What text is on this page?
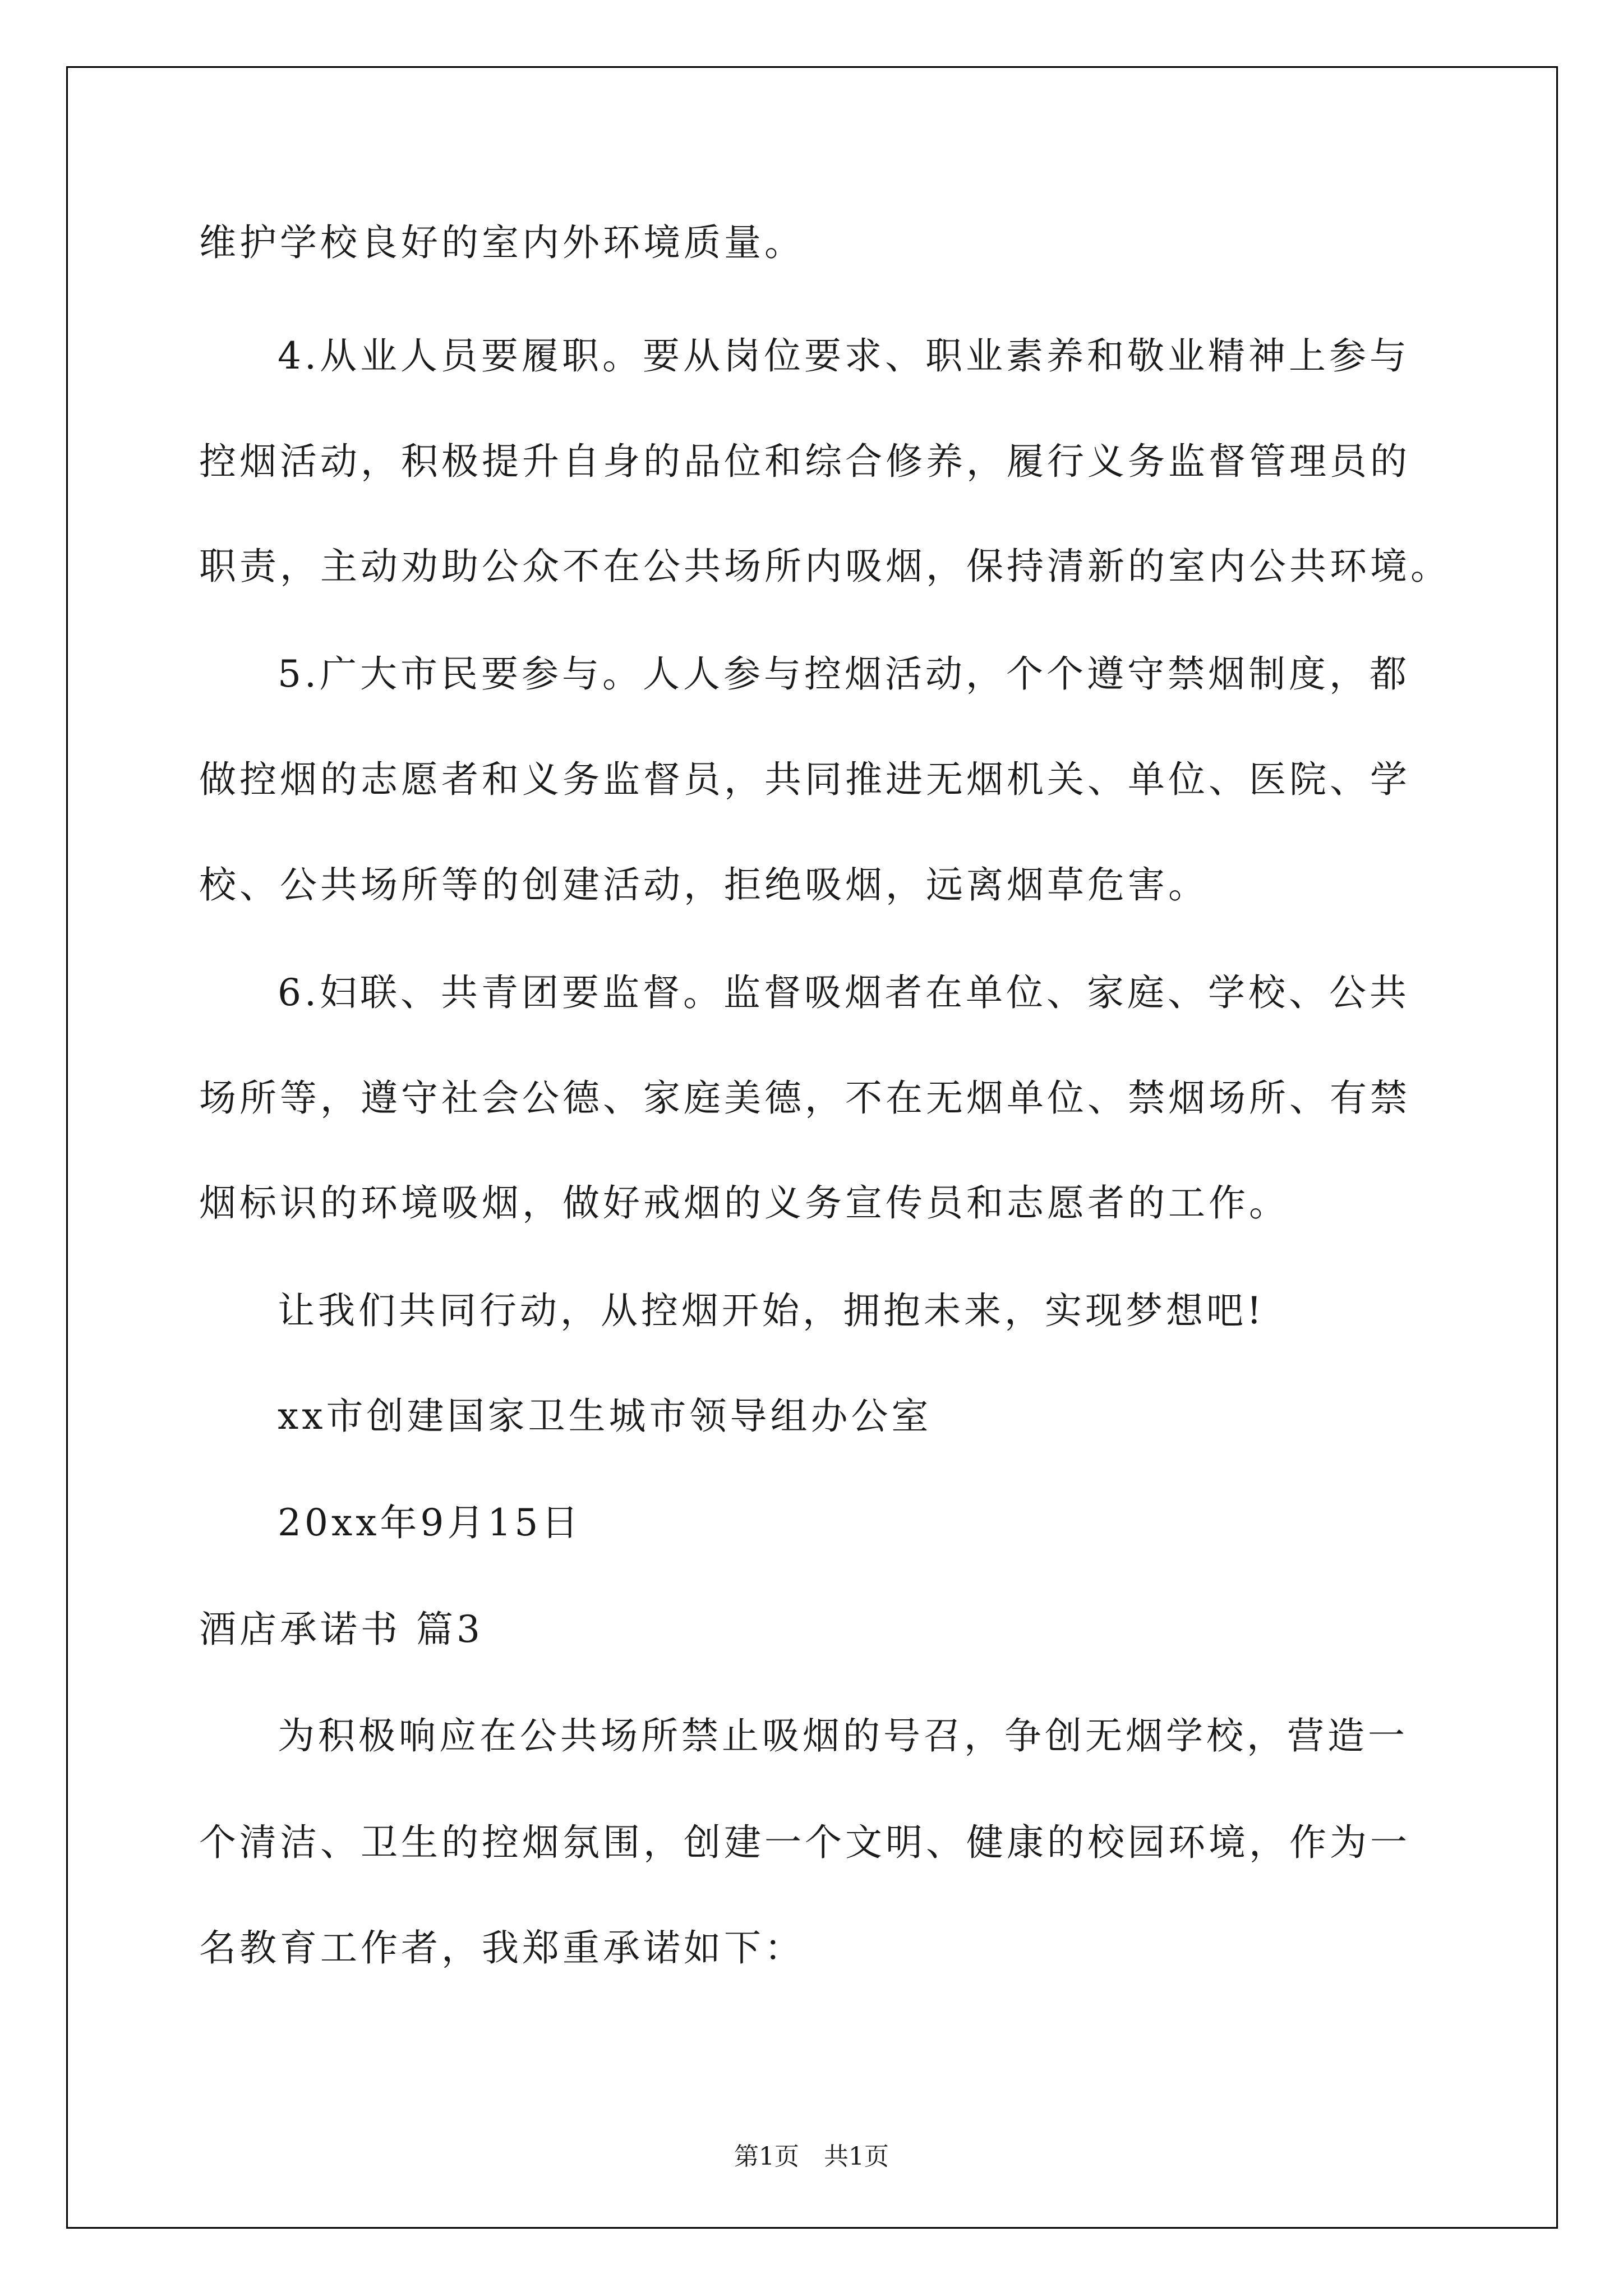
维护学校良好的室内外环境质量。
4.从业人员要履职。要从岗位要求、职业素养和敬业精神上参与
控烟活动，积极提升自身的品位和综合修养，履行义务监督管理员的
职责，主动劝助公众不在公共场所内吸烟，保持清新的室内公共环境。
5.广大市民要参与。人人参与控烟活动，个个遵守禁烟制度，都
做控烟的志愿者和义务监督员，共同推进无烟机关、单位、医院、学
校、公共场所等的创建活动，拒绝吸烟，远离烟草危害。
6.妇联、共青团要监督。监督吸烟者在单位、家庭、学校、公共
场所等，遵守社会公德、家庭美德，不在无烟单位、禁烟场所、有禁
烟标识的环境吸烟，做好戒烟的义务宣传员和志愿者的工作。
让我们共同行动，从控烟开始，拥抱未来，实现梦想吧!
xx市创建国家卫生城市领导组办公室
20xx年9月15日
酒店承诺书 篇3
为积极响应在公共场所禁止吸烟的号召，争创无烟学校，营造一
个清洁、卫生的控烟氛围，创建一个文明、健康的校园环境，作为一
名教育工作者，我郑重承诺如下：
第1页　共1页
